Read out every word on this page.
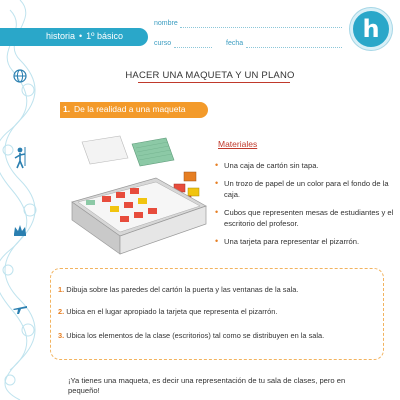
historia • 1º básico
nombre
curso	fecha
h
HACER UNA MAQUETA Y UN PLANO
1. De la realidad a una maqueta
Materiales
• Una caja de cartón sin tapa.
• Un trozo de papel de un color para el fondo de la caja.
• Cubos que representen mesas de estudiantes y el escritorio del profesor.
• Una tarjeta para representar el pizarrón.
1. Dibuja sobre las paredes del cartón la puerta y las ventanas de la sala.
2. Ubica en el lugar apropiado la tarjeta que representa el pizarrón.
3. Ubica los elementos de la clase (escritorios) tal como se distribuyen en la sala.
¡Ya tienes una maqueta, es decir una representación de tu sala de clases, pero en pequeño!
